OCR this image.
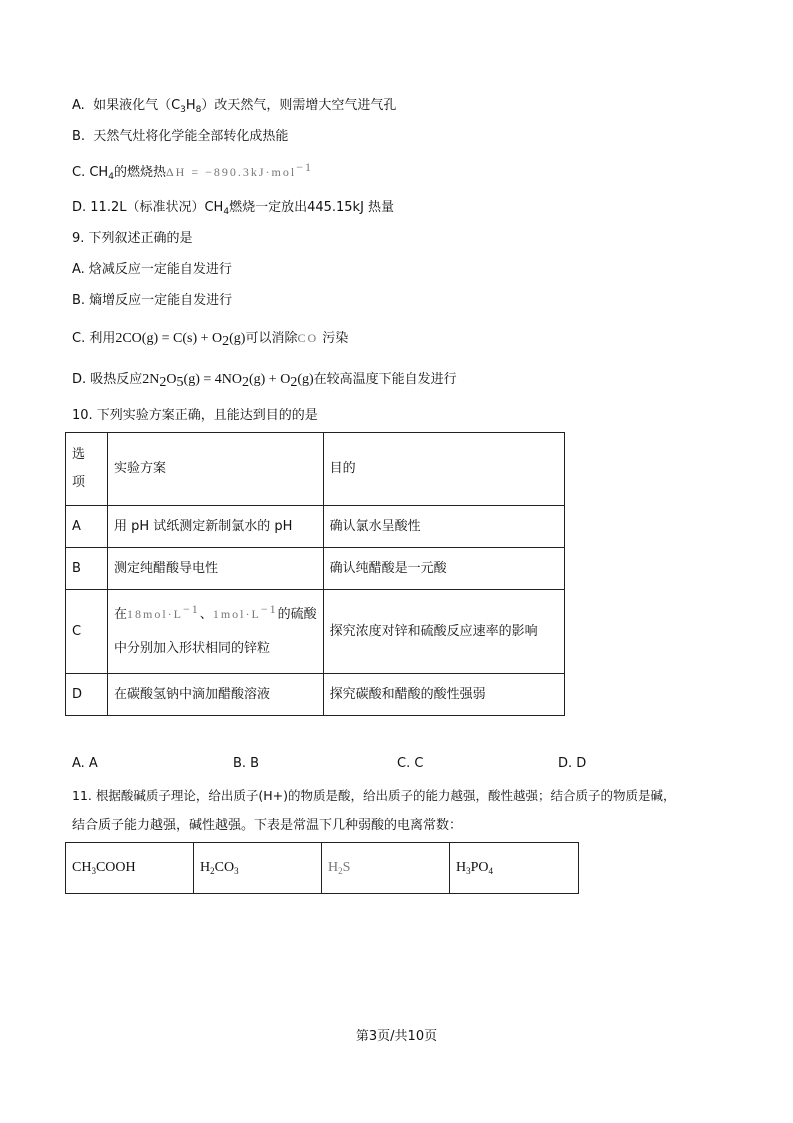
A. 如果液化气$(C_3H_8)$改天然气，则需增大空气进气孔
B. 天然气灶将化学能全部转化成热能
C. $CH_4$的燃烧热ΔH = −890.3kJ·mol$^{-1}$
D. 11.2L（标准状况）$CH_4$燃烧一定放出445.15kJ 热量
9. 下列叙述正确的是
A. 焓减反应一定能自发进行
B. 熵增反应一定能自发进行
C. 利用$2CO(g) = C(s) + O_2(g)$可以消除CO 污染
D. 吸热反应$2N_2O_5(g) = 4NO_2(g) + O_2(g)$在较高温度下能自发进行
10. 下列实验方案正确，且能达到目的的是
选
项	实验方案	目的
A	用 pH 试纸测定新制氯水的 pH	确认氯水呈酸性
B	测定纯醋酸导电性	确认纯醋酸是一元酸
C	在$18mol\cdot L^{-1}$、$1mol\cdot L^{-1}$的硫酸
中分别加入形状相同的锌粒	探究浓度对锌和硫酸反应速率的影响
D	在碳酸氢钠中滴加醋酸溶液	探究碳酸和醋酸的酸性强弱
A. A	B. B	C. C	D. D
11. 根据酸碱质子理论，给出质子(H+)的物质是酸，给出质子的能力越强，酸性越强；结合质子的物质是碱，
结合质子能力越强，碱性越强。下表是常温下几种弱酸的电离常数：
$CH_3COOH$	$H_2CO_3$	$H_2S$	$H_3PO_4$
第3页/共10页
